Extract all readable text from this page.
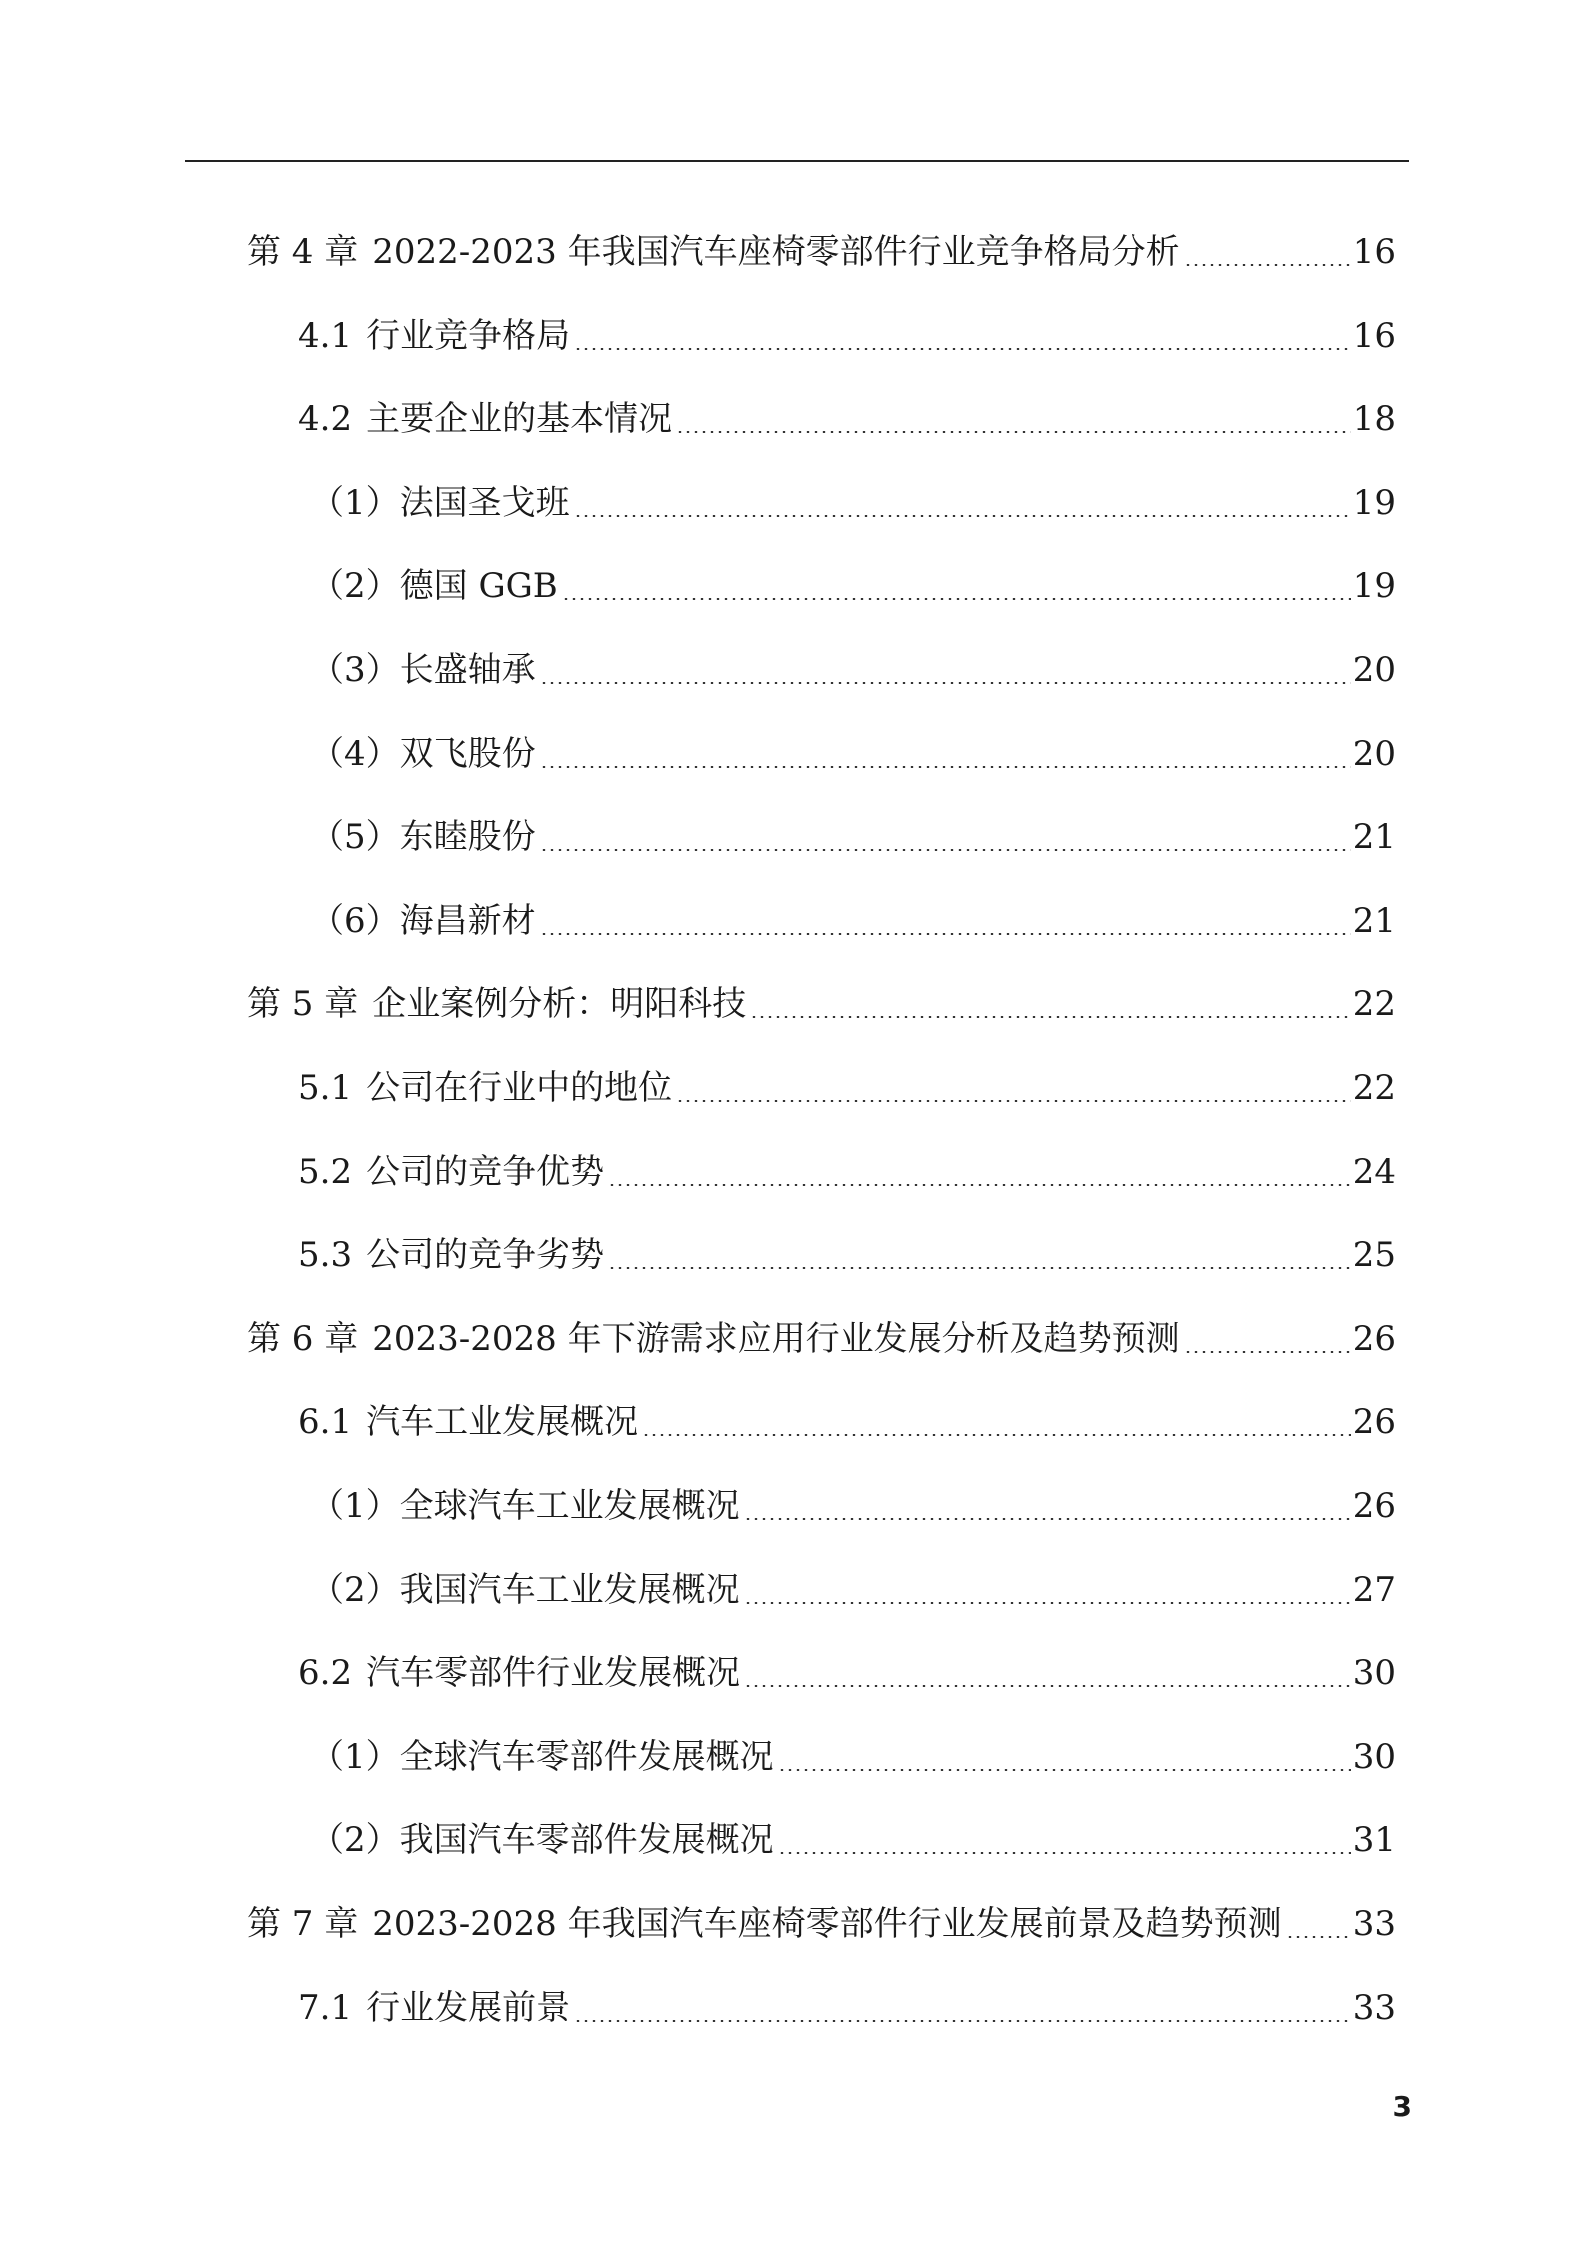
第 4 章 2022-2023 年我国汽车座椅零部件行业竞争格局分析	16
4.1 行业竞争格局	16
4.2 主要企业的基本情况	18
（1） 法国圣戈班	19
（2） 德国 GGB	19
（3） 长盛轴承	20
（4） 双飞股份	20
（5） 东睦股份	21
（6） 海昌新材	21
第 5 章 企业案例分析：明阳科技	22
5.1 公司在行业中的地位	22
5.2 公司的竞争优势	24
5.3 公司的竞争劣势	25
第 6 章 2023-2028 年下游需求应用行业发展分析及趋势预测	26
6.1 汽车工业发展概况	26
（1） 全球汽车工业发展概况	26
（2） 我国汽车工业发展概况	27
6.2 汽车零部件行业发展概况	30
（1） 全球汽车零部件发展概况	30
（2） 我国汽车零部件发展概况	31
第 7 章 2023-2028 年我国汽车座椅零部件行业发展前景及趋势预测 33
7.1 行业发展前景	33
3
